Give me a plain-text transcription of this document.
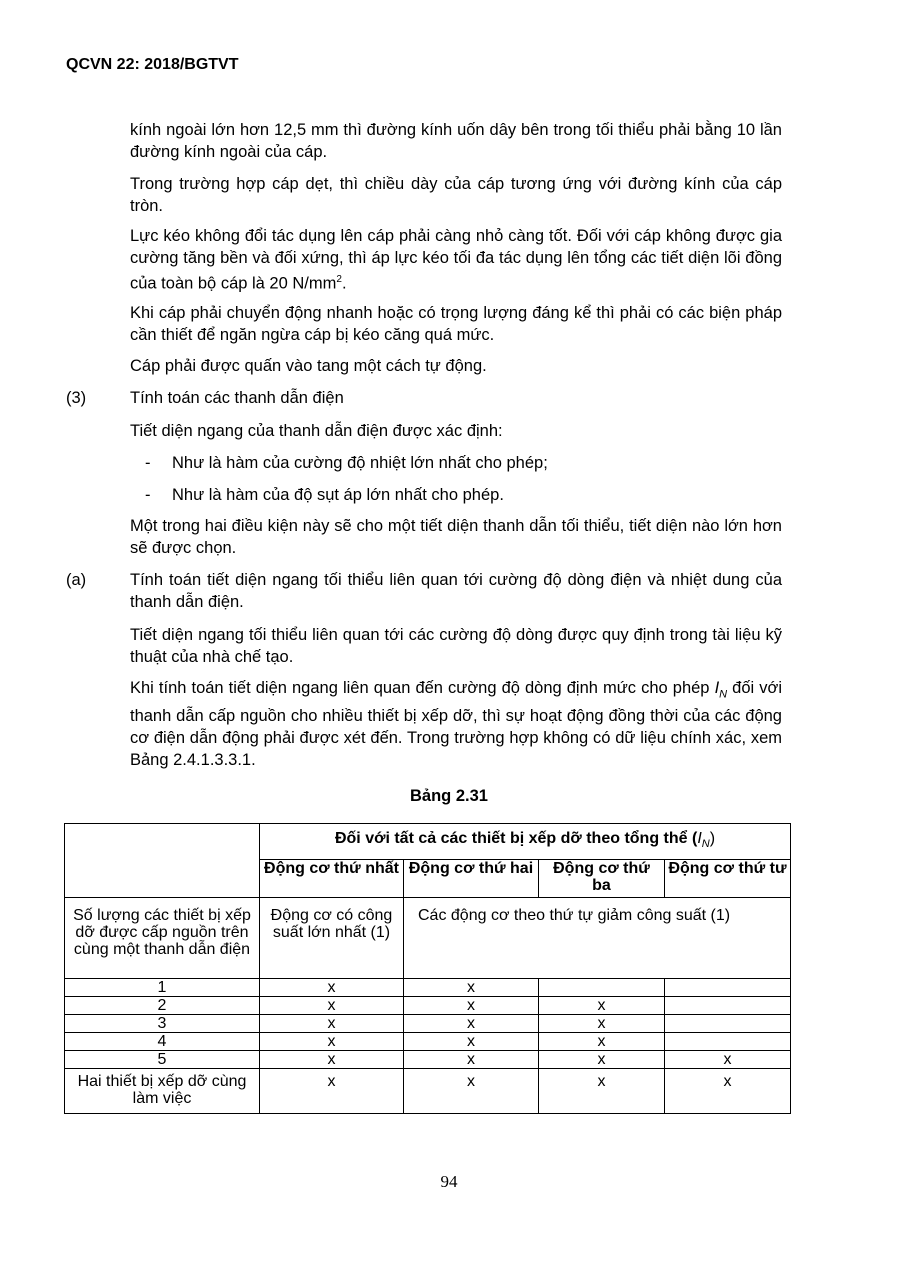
QCVN 22: 2018/BGTVT
kính ngoài lớn hơn 12,5 mm thì đường kính uốn dây bên trong tối thiểu phải bằng 10 lần đường kính ngoài của cáp.
Trong trường hợp cáp dẹt, thì chiều dày của cáp tương ứng với đường kính của cáp tròn.
Lực kéo không đổi tác dụng lên cáp phải càng nhỏ càng tốt. Đối với cáp không được gia cường tăng bền và đối xứng, thì áp lực kéo tối đa tác dụng lên tổng các tiết diện lõi đồng của toàn bộ cáp là 20 $N/mm^2$.
Khi cáp phải chuyển động nhanh hoặc có trọng lượng đáng kể thì phải có các biện pháp cần thiết để ngăn ngừa cáp bị kéo căng quá mức.
Cáp phải được quấn vào tang một cách tự động.
(3)	Tính toán các thanh dẫn điện
Tiết diện ngang của thanh dẫn điện được xác định:
- Như là hàm của cường độ nhiệt lớn nhất cho phép;
- Như là hàm của độ sụt áp lớn nhất cho phép.
Một trong hai điều kiện này sẽ cho một tiết diện thanh dẫn tối thiểu, tiết diện nào lớn hơn sẽ được chọn.
(a)	Tính toán tiết diện ngang tối thiểu liên quan tới cường độ dòng điện và nhiệt dung của thanh dẫn điện.
Tiết diện ngang tối thiểu liên quan tới các cường độ dòng được quy định trong tài liệu kỹ thuật của nhà chế tạo.
Khi tính toán tiết diện ngang liên quan đến cường độ dòng định mức cho phép $I_N$ đối với thanh dẫn cấp nguồn cho nhiều thiết bị xếp dỡ, thì sự hoạt động đồng thời của các động cơ điện dẫn động phải được xét đến. Trong trường hợp không có dữ liệu chính xác, xem Bảng 2.4.1.3.3.1.
Bảng 2.31
	Đối với tất cả các thiết bị xếp dỡ theo tổng thể $(I_N)$			
	Động cơ thứ nhất	Động cơ thứ hai	Động cơ thứ ba	Động cơ thứ tư
Số lượng các thiết bị xếp dỡ được cấp nguồn trên cùng một thanh dẫn điện	Động cơ có công suất lớn nhất (1)	Các động cơ theo thứ tự giảm công suất (1)		
1	x	x		
2	x	x	x	
3	x	x	x	
4	x	x	x	
5	x	x	x	x
Hai thiết bị xếp dỡ cùng làm việc	x	x	x	x
94
